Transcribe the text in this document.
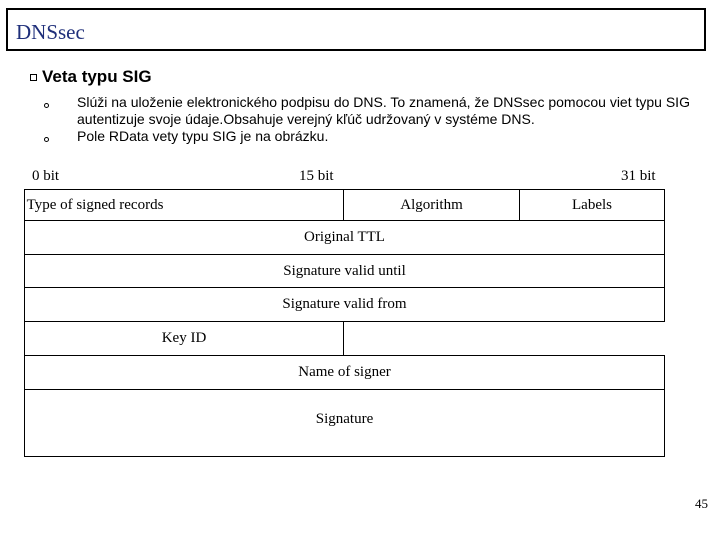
DNSsec
Veta typu SIG
Slúži na uloženie elektronického podpisu do DNS. To znamená, že DNSsec pomocou viet typu SIG autentizuje svoje údaje.Obsahuje verejný kľúč udržovaný v systéme DNS.
Pole RData vety typu SIG je na obrázku.
0 bit	15 bit	31 bit
Type of signed records	Algorithm	Labels
Original TTL
Signature valid until
Signature valid from
Key ID
Name of signer
Signature
45
